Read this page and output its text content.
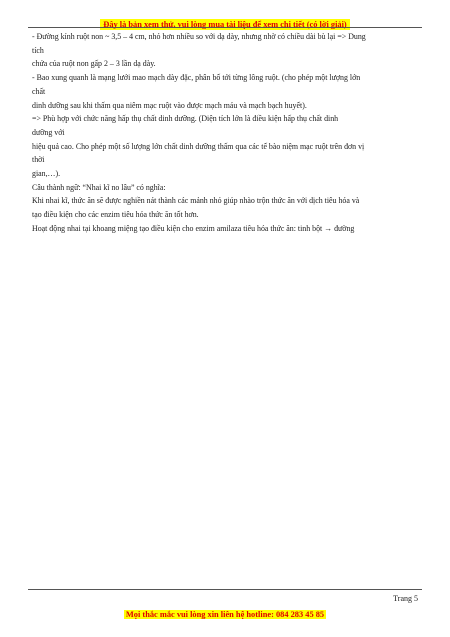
Đây là bản xem thử, vui lòng mua tài liệu để xem chi tiết (có lời giải)

- Đường kính ruột non ~ 3,5 – 4 cm, nhỏ hơn nhiều so với dạ dày, nhưng nhờ có chiều dài bù lại => Dung

tích

chứa của ruột non gấp 2 – 3 lần dạ dày.

- Bao xung quanh là mạng lưới mao mạch dày đặc, phân bố tới từng lông ruột. (cho phép một lượng lớn

chất

dinh dưỡng sau khi thấm qua niêm mạc ruột vào được mạch máu và mạch bạch huyết).

=> Phù hợp với chức năng hấp thụ chất dinh dưỡng. (Diện tích lớn là điều kiện hấp thụ chất dinh

dưỡng với

hiệu quả cao. Cho phép một số lượng lớn chất dinh dưỡng thấm qua các tế bào niệm mạc ruột trên đơn vị

thời

gian,…).

Câu thành ngữ: “Nhai kĩ no lâu” có nghĩa:

Khi nhai kĩ, thức ăn sẽ được nghiền nát thành các mảnh nhỏ giúp nhào trộn thức ăn với dịch tiêu hóa và

tạo điều kiện cho các enzim tiêu hóa thức ăn tốt hơn.

Hoạt động nhai tại khoang miệng tạo điều kiện cho enzim amilaza tiêu hóa thức ăn: tinh bột → đường

Trang 5
Mọi thắc mắc vui lòng xin liên hệ hotline: 084 283 45 85
